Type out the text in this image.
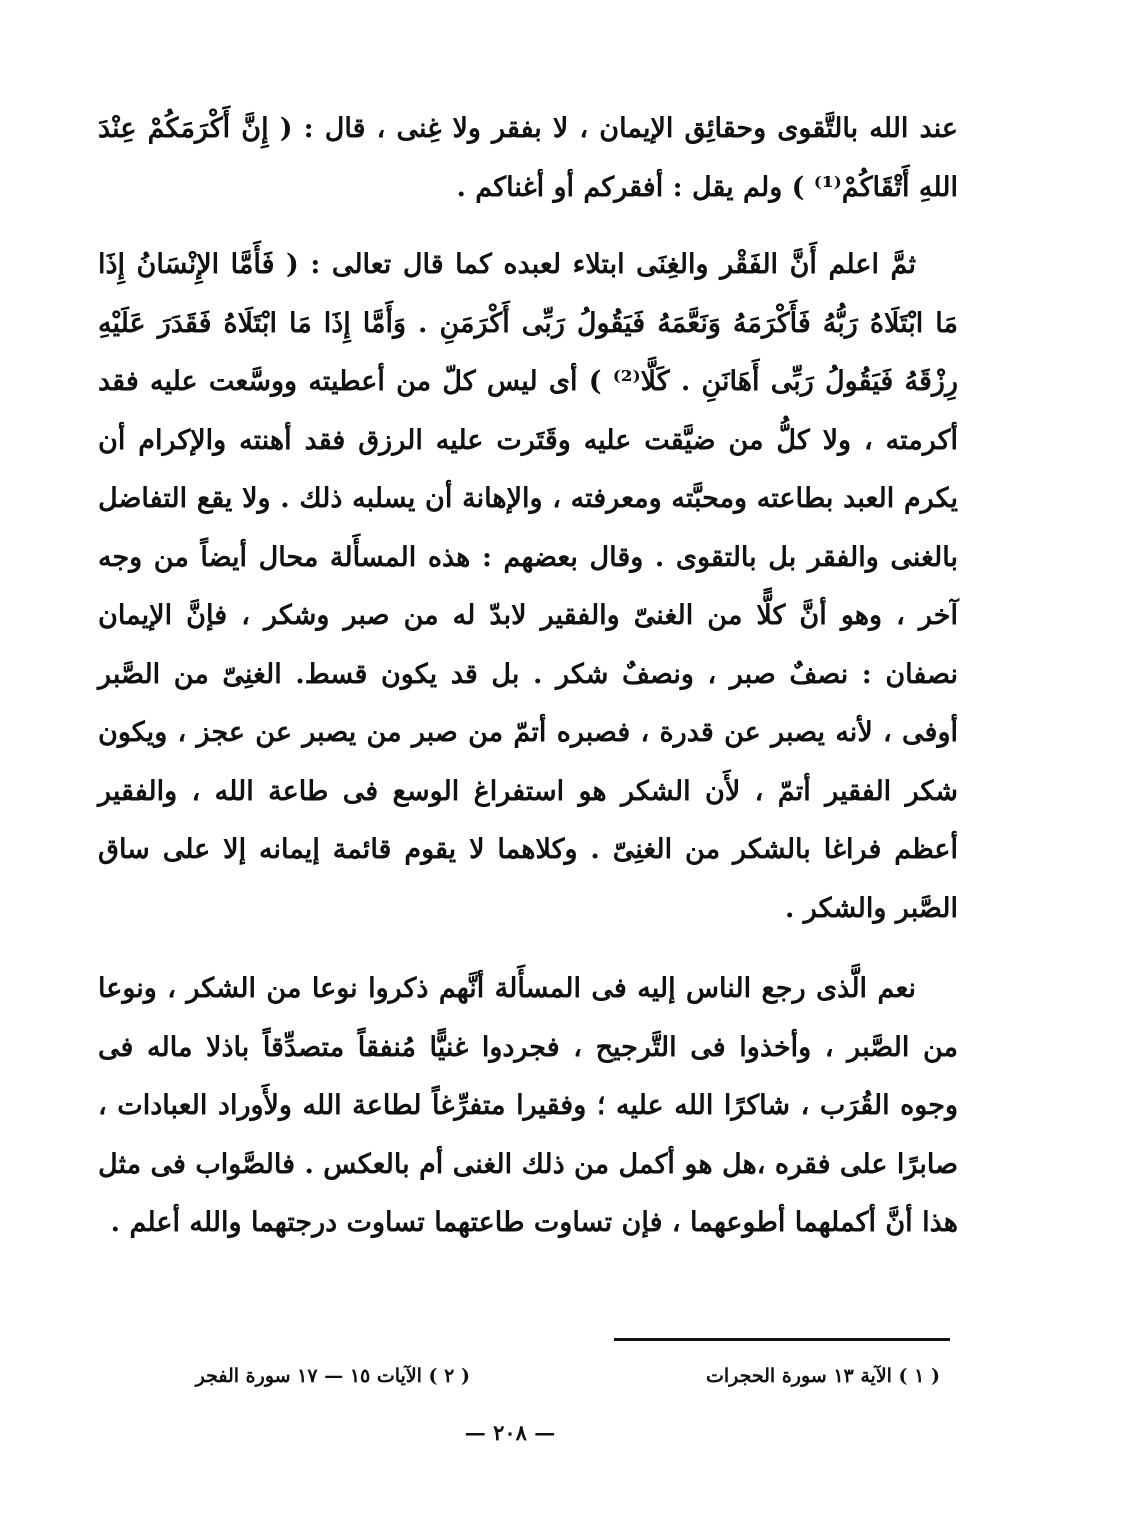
عند الله بالتَّقوى وحقائِق الإيمان ، لا بفقر ولا غِنى ، قال : ( إِنَّ أَكْرَمَكُمْ عِنْدَ اللهِ أَتْقَاكُمْ⁽¹⁾ ) ولم يقل : أفقركم أو أغناكم .

ثمَّ اعلم أَنَّ الفَقْر والغِنَى ابتلاء لعبده كما قال تعالى : ( فَأَمَّا الإِنْسَانُ إِذَا مَا ابْتَلَاهُ رَبُّهُ فَأَكْرَمَهُ وَنَعَّمَهُ فَيَقُولُ رَبِّى أَكْرَمَنِ . وَأَمَّا إِذَا مَا ابْتَلَاهُ فَقَدَرَ عَلَيْهِ رِزْقَهُ فَيَقُولُ رَبِّى أَهَانَنِ . كَلَّا⁽²⁾ ) أى ليس كلّ من أعطيته ووسَّعت عليه فقد أكرمته ، ولا كلُّ من ضيَّقت عليه وقَتَرت عليه الرزق فقد أهنته والإكرام أن يكرم العبد بطاعته ومحبَّته ومعرفته ، والإهانة أن يسلبه ذلك . ولا يقع التفاضل بالغنى والفقر بل بالتقوى . وقال بعضهم : هذه المسأَلة محال أيضاً من وجه آخر ، وهو أنَّ كلًّا من الغنىّ والفقير لابدّ له من صبر وشكر ، فإنَّ الإيمان نصفان : نصفٌ صبر ، ونصفٌ شكر . بل قد يكون قسط. الغنِىّ من الصَّبر أوفى ، لأنه يصبر عن قدرة ، فصبره أتمّ من صبر من يصبر عن عجز ، ويكون شكر الفقير أتمّ ، لأَن الشكر هو استفراغ الوسع فى طاعة الله ، والفقير أعظم فراغا بالشكر من الغنِىّ . وكلاهما لا يقوم قائمة إيمانه إلا على ساق الصَّبر والشكر .

نعم الَّذى رجع الناس إليه فى المسأَلة أنَّهم ذكروا نوعا من الشكر ، ونوعا من الصَّبر ، وأخذوا فى التَّرجيح ، فجردوا غنيًّا مُنفقاً متصدِّقاً باذلا ماله فى وجوه القُرَب ، شاكرًا الله عليه ؛ وفقيرا متفرِّغاً لطاعة الله ولأَوراد العبادات ، صابرًا على فقره ،هل هو أكمل من ذلك الغنى أم بالعكس . فالصَّواب فى مثل هذا أنَّ أكملهما أطوعهما ، فإن تساوت طاعتهما تساوت درجتهما والله أعلم .

( ١ ) الآية ١٣ سورة الحجرات
( ٢ ) الآيات ١٥ — ١٧ سورة الفجر
— ٢٠٨ —
